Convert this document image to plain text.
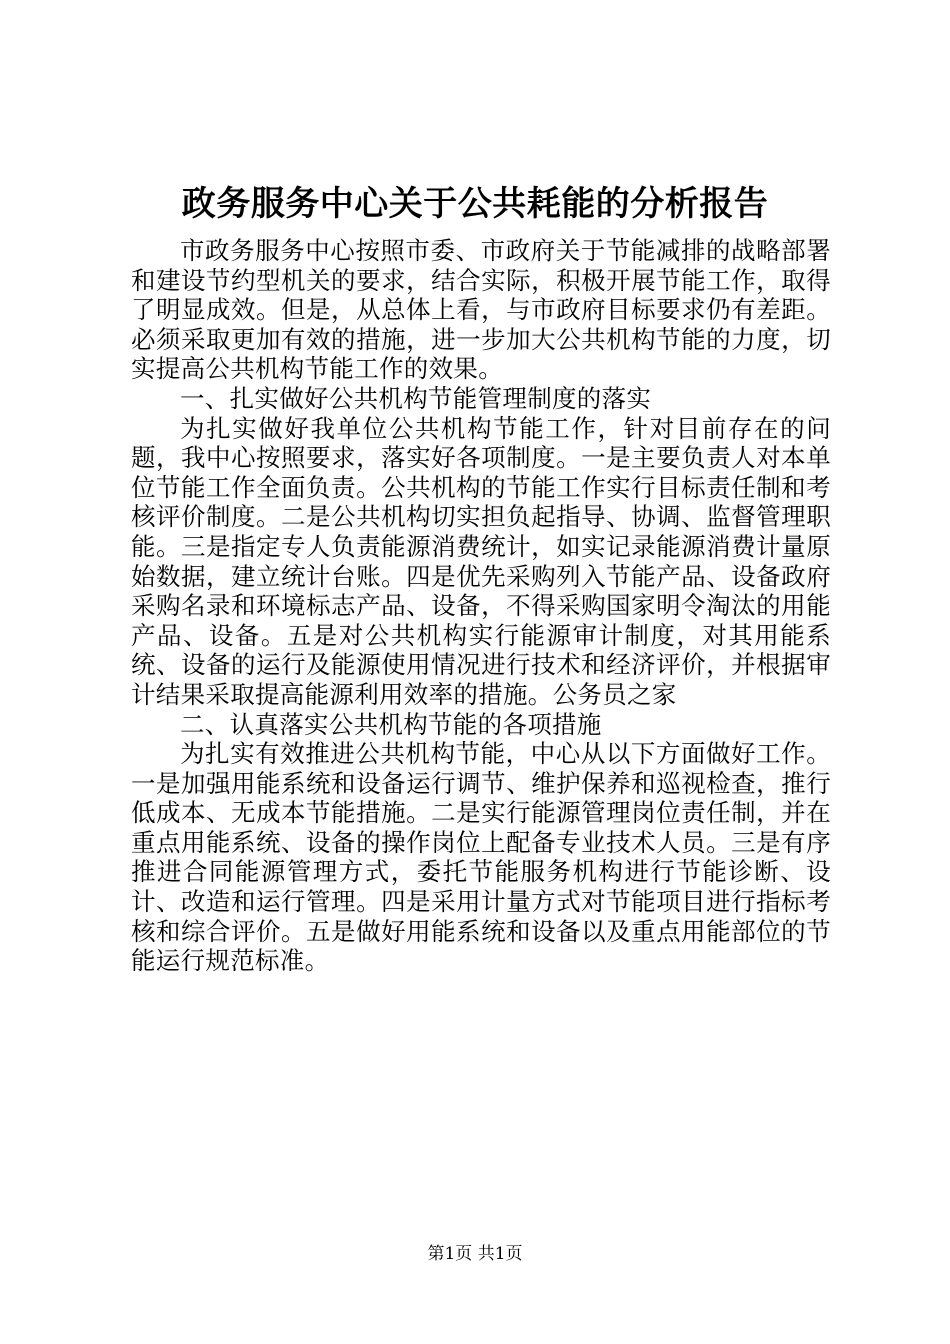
政务服务中心关于公共耗能的分析报告

市政务服务中心按照市委、市政府关于节能减排的战略部署和建设节约型机关的要求，结合实际，积极开展节能工作，取得了明显成效。但是，从总体上看，与市政府目标要求仍有差距。必须采取更加有效的措施，进一步加大公共机构节能的力度，切实提高公共机构节能工作的效果。

一、扎实做好公共机构节能管理制度的落实

为扎实做好我单位公共机构节能工作，针对目前存在的问题，我中心按照要求，落实好各项制度。一是主要负责人对本单位节能工作全面负责。公共机构的节能工作实行目标责任制和考核评价制度。二是公共机构切实担负起指导、协调、监督管理职能。三是指定专人负责能源消费统计，如实记录能源消费计量原始数据，建立统计台账。四是优先采购列入节能产品、设备政府采购名录和环境标志产品、设备，不得采购国家明令淘汰的用能产品、设备。五是对公共机构实行能源审计制度，对其用能系统、设备的运行及能源使用情况进行技术和经济评价，并根据审计结果采取提高能源利用效率的措施。公务员之家

二、认真落实公共机构节能的各项措施

为扎实有效推进公共机构节能，中心从以下方面做好工作。一是加强用能系统和设备运行调节、维护保养和巡视检查，推行低成本、无成本节能措施。二是实行能源管理岗位责任制，并在重点用能系统、设备的操作岗位上配备专业技术人员。三是有序推进合同能源管理方式，委托节能服务机构进行节能诊断、设计、改造和运行管理。四是采用计量方式对节能项目进行指标考核和综合评价。五是做好用能系统和设备以及重点用能部位的节能运行规范标准。

第1页 共1页
